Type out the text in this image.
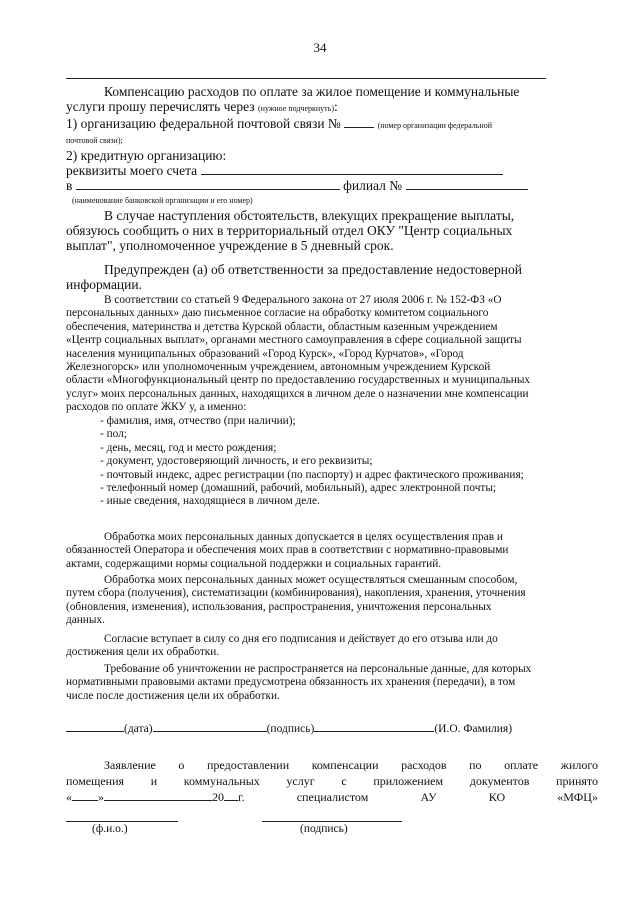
34
Компенсацию расходов по оплате за жилое помещение и коммунальные
услуги прошу перечислять через (нужное подчеркнуть):
1) организацию федеральной почтовой связи №	(номер организации федеральной
почтовой связи);
2) кредитную организацию:
реквизиты моего счета
в	филиал №
(наименование банковской организации и его номер)
В случае наступления обстоятельств, влекущих прекращение выплаты,
обязуюсь сообщить о них в территориальный отдел ОКУ "Центр социальных
выплат", уполномоченное учреждение в 5 дневный срок.
Предупрежден (а) об ответственности за предоставление недостоверной
информации.
В соответствии со статьей 9 Федерального закона от 27 июля 2006 г. № 152-ФЗ «О
персональных данных» даю письменное согласие на обработку комитетом социального
обеспечения, материнства и детства Курской области, областным казенным учреждением
«Центр социальных выплат», органами местного самоуправления в сфере социальной защиты
населения муниципальных образований «Город Курск», «Город Курчатов», «Город
Железногорск» или уполномоченным учреждением, автономным учреждением Курской
области «Многофункциональный центр по предоставлению государственных и муниципальных
услуг» моих персональных данных, находящихся в личном деле о назначении мне компенсации
расходов по оплате ЖКУ у, а именно:
- фамилия, имя, отчество (при наличии);
- пол;
- день, месяц, год и место рождения;
- документ, удостоверяющий личность, и его реквизиты;
- почтовый индекс, адрес регистрации (по паспорту) и адрес фактического проживания;
- телефонный номер (домашний, рабочий, мобильный), адрес электронной почты;
- иные сведения, находящиеся в личном деле.
Обработка моих персональных данных допускается в целях осуществления прав и
обязанностей Оператора и обеспечения моих прав в соответствии с нормативно-правовыми
актами, содержащими нормы социальной поддержки и социальных гарантий.
Обработка моих персональных данных может осуществляться смешанным способом,
путем сбора (получения), систематизации (комбинирования), накопления, хранения, уточнения
(обновления, изменения), использования, распространения, уничтожения персональных
данных.
Согласие вступает в силу со дня его подписания и действует до его отзыва или до
достижения цели их обработки.
Требование об уничтожении не распространяется на персональные данные, для которых
нормативными правовыми актами предусмотрена обязанность их хранения (передачи), в том
числе после достижения цели их обработки.
(дата)	(подпись)	(И.О. Фамилия)
Заявление о предоставлении компенсации расходов по оплате жилого
помещения и коммунальных услуг с приложением документов принято
« »	20 г.	специалистом	АУ	КО	«МФЦ»
(ф.и.о.)	(подпись)
